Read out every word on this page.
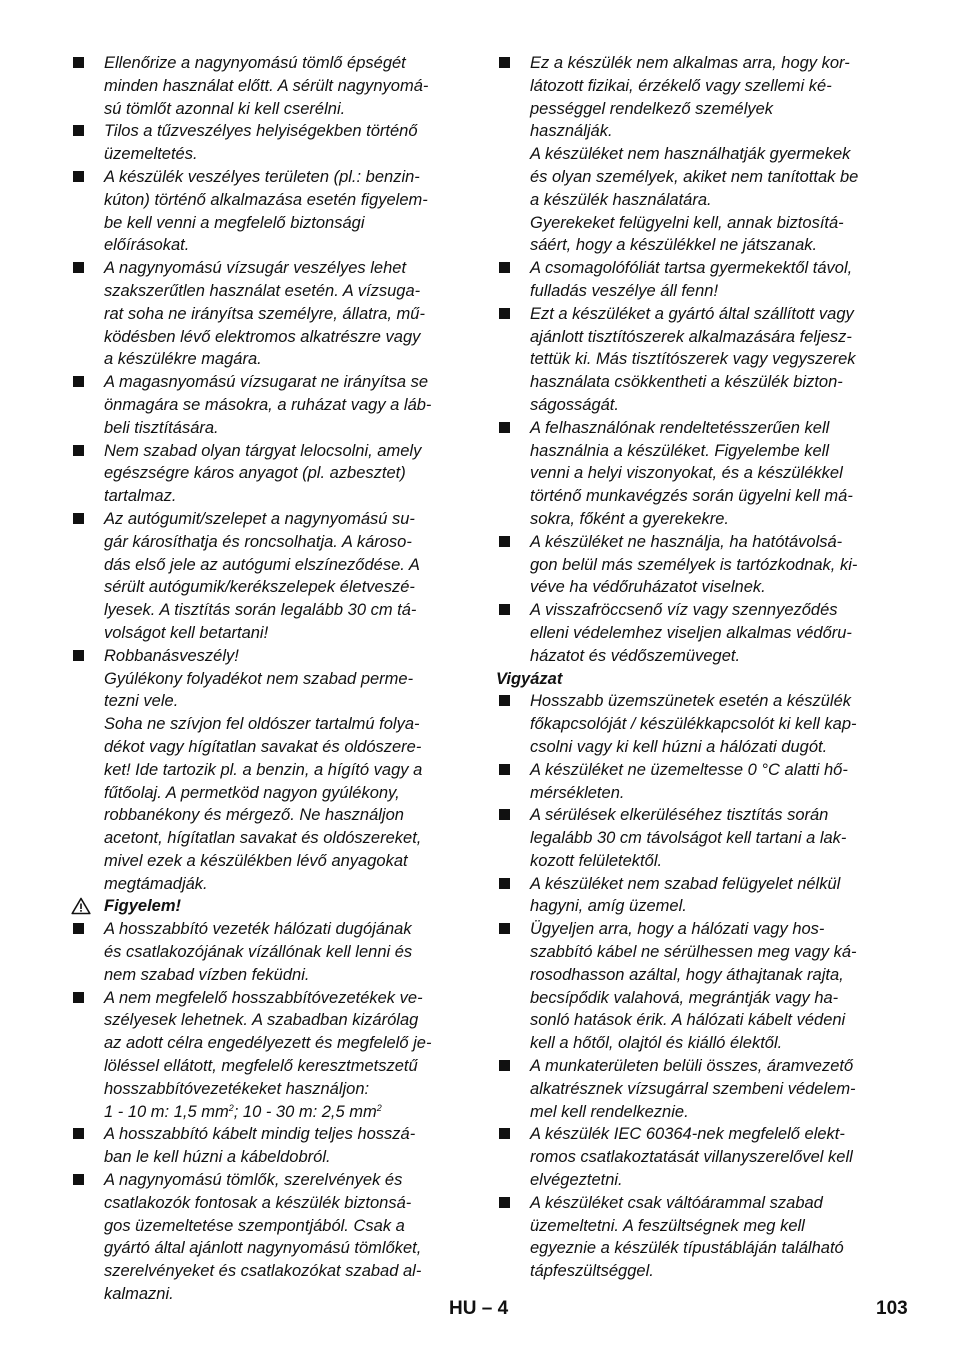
Ellenőrize a nagynyomású tömlő épségét
minden használat előtt. A sérült nagynyomá-
sú tömlőt azonnal ki kell cserélni.
Tilos a tűzveszélyes helyiségekben történő
üzemeltetés.
A készülék veszélyes területen (pl.: benzin-
kúton) történő alkalmazása esetén figyelem-
be kell venni a megfelelő biztonsági
előírásokat.
A nagynyomású vízsugár veszélyes lehet
szakszerűtlen használat esetén. A vízsuga-
rat soha ne irányítsa személyre, állatra, mű-
ködésben lévő elektromos alkatrészre vagy
a készülékre magára.
A magasnyomású vízsugarat ne irányítsa se
önmagára se másokra, a ruházat vagy a láb-
beli tisztítására.
Nem szabad olyan tárgyat lelocsolni, amely
egészségre káros anyagot (pl. azbesztet)
tartalmaz.
Az autógumit/szelepet a nagynyomású su-
gár károsíthatja és roncsolhatja. A károso-
dás első jele az autógumi elszíneződése. A
sérült autógumik/kerékszelepek életveszé-
lyesek. A tisztítás során legalább 30 cm tá-
volságot kell betartani!
Robbanásveszély!
Gyúlékony folyadékot nem szabad perme-
tezni vele.
Soha ne szívjon fel oldószer tartalmú folya-
dékot vagy hígítatlan savakat és oldószere-
ket! Ide tartozik pl. a benzin, a hígító vagy a
fűtőolaj. A permetköd nagyon gyúlékony,
robbanékony és mérgező. Ne használjon
acetont, hígítatlan savakat és oldószereket,
mivel ezek a készülékben lévő anyagokat
megtámadják.
Figyelem!
A hosszabbító vezeték hálózati dugójának
és csatlakozójának vízállónak kell lenni és
nem szabad vízben feküdni.
A nem megfelelő hosszabbítóvezetékek ve-
szélyesek lehetnek. A szabadban kizárólag
az adott célra engedélyezett és megfelelő je-
löléssel ellátott, megfelelő keresztmetszetű
hosszabbítóvezetékeket használjon:
1 - 10 m: 1,5 $mm^2$; 10 - 30 m: 2,5 $mm^2$
A hosszabbító kábelt mindig teljes hosszá-
ban le kell húzni a kábeldobról.
A nagynyomású tömlők, szerelvények és
csatlakozók fontosak a készülék biztonsá-
gos üzemeltetése szempontjából. Csak a
gyártó által ajánlott nagynyomású tömlőket,
szerelvényeket és csatlakozókat szabad al-
kalmazni.
Ez a készülék nem alkalmas arra, hogy kor-
látozott fizikai, érzékelő vagy szellemi ké-
pességgel rendelkező személyek
használják.
A készüléket nem használhatják gyermekek
és olyan személyek, akiket nem tanítottak be
a készülék használatára.
Gyerekeket felügyelni kell, annak biztosítá-
sáért, hogy a készülékkel ne játszanak.
A csomagolófóliát tartsa gyermekektől távol,
fulladás veszélye áll fenn!
Ezt a készüléket a gyártó által szállított vagy
ajánlott tisztítószerek alkalmazására feljesz-
tettük ki. Más tisztítószerek vagy vegyszerek
használata csökkentheti a készülék bizton-
ságosságát.
A felhasználónak rendeltetésszerűen kell
használnia a készüléket. Figyelembe kell
venni a helyi viszonyokat, és a készülékkel
történő munkavégzés során ügyelni kell má-
sokra, főként a gyerekekre.
A készüléket ne használja, ha hatótávolsá-
gon belül más személyek is tartózkodnak, ki-
véve ha védőruházatot viselnek.
A visszafröccsenő víz vagy szennyeződés
elleni védelemhez viseljen alkalmas védőru-
házatot és védőszemüveget.
Vigyázat
Hosszabb üzemszünetek esetén a készülék
főkapcsolóját / készülékkapcsolót ki kell kap-
csolni vagy ki kell húzni a hálózati dugót.
A készüléket ne üzemeltesse 0 °C alatti hő-
mérsékleten.
A sérülések elkerüléséhez tisztítás során
legalább 30 cm távolságot kell tartani a lak-
kozott felületektől.
A készüléket nem szabad felügyelet nélkül
hagyni, amíg üzemel.
Ügyeljen arra, hogy a hálózati vagy hos-
szabbító kábel ne sérülhessen meg vagy ká-
rosodhasson azáltal, hogy áthajtanak rajta,
becsípődik valahová, megrántják vagy ha-
sonló hatások érik. A hálózati kábelt védeni
kell a hőtől, olajtól és kiálló élektől.
A munkaterületen belüli összes, áramvezető
alkatrésznek vízsugárral szembeni védelem-
mel kell rendelkeznie.
A készülék IEC 60364-nek megfelelő elekt-
romos csatlakoztatását villanyszerelővel kell
elvégeztetni.
A készüléket csak váltóárammal szabad
üzemeltetni. A feszültségnek meg kell
egyeznie a készülék típustábláján található
tápfeszültséggel.
HU – 4	103
